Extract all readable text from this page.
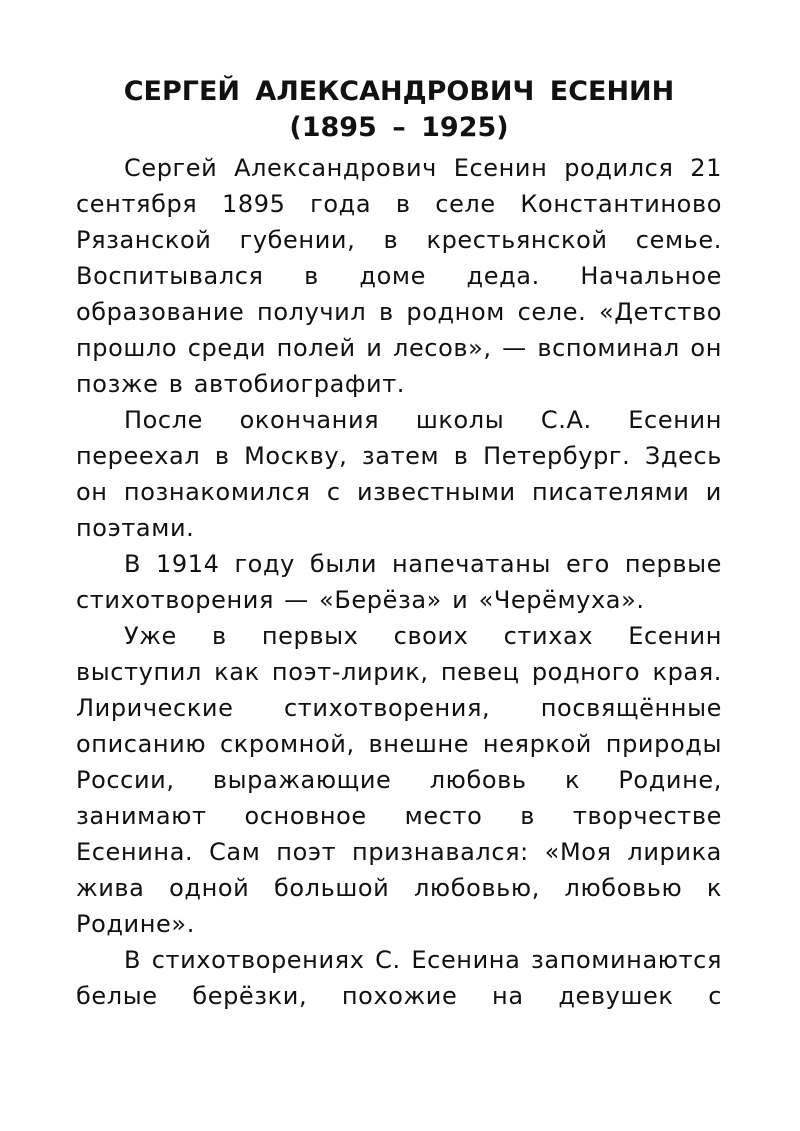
СЕРГЕЙ АЛЕКСАНДРОВИЧ ЕСЕНИН
(1895 – 1925)

Сергей Александрович Есенин родился 21 сентября 1895 года в селе Константиново Рязанской губении, в крестьянской семье. Воспитывался в доме деда. Начальное образование получил в родном селе. «Детство прошло среди полей и лесов», — вспоминал он позже в автобиографит.

После окончания школы С.А. Есенин переехал в Москву, затем в Петербург. Здесь он познакомился с известными писателями и поэтами.

В 1914 году были напечатаны его первые стихотворения — «Берёза» и «Черёмуха».

Уже в первых своих стихах Есенин выступил как поэт-лирик, певец родного края. Лирические стихотворения, посвящённые описанию скромной, внешне неяркой природы России, выражающие любовь к Родине, занимают основное место в творчестве Есенина. Сам поэт признавался: «Моя лирика жива одной большой любовью, любовью к Родине».

В стихотворениях С. Есенина запоминаются белые берёзки, похожие на девушек с
